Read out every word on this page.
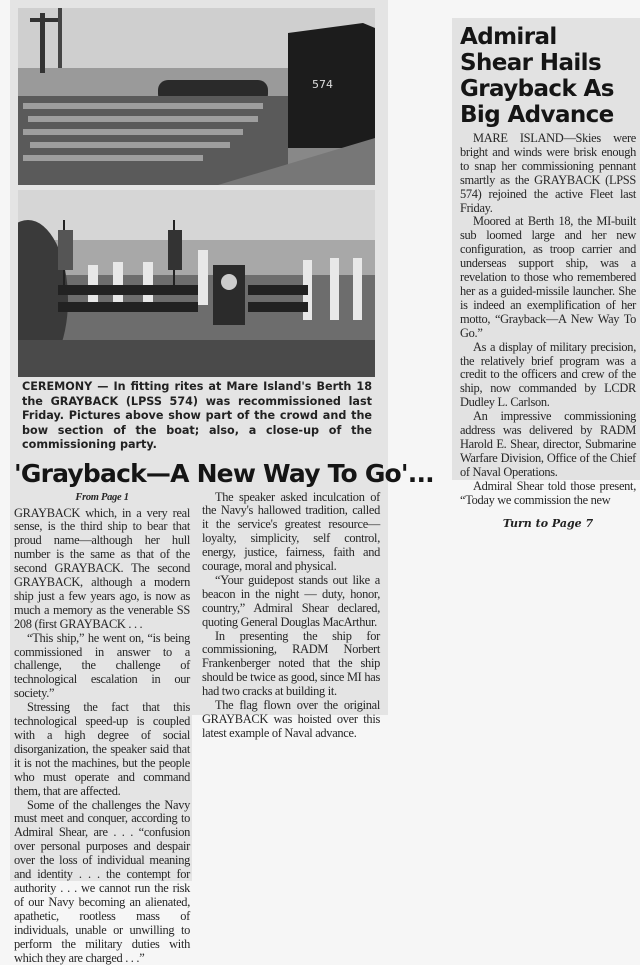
574
CEREMONY — In fitting rites at Mare Island's Berth 18 the GRAYBACK (LPSS 574) was recommissioned last Friday. Pictures above show part of the crowd and the bow section of the boat; also, a close-up of the commissioning party.
'Grayback—A New Way To Go'...
From Page 1

GRAYBACK which, in a very real sense, is the third ship to bear that proud name—although her hull number is the same as that of the second GRAYBACK. The second GRAYBACK, although a modern ship just a few years ago, is now as much a memory as the venerable SS 208 (first GRAYBACK . . .

“This ship,” he went on, “is being commissioned in answer to a challenge, the challenge of technological escalation in our society.”

Stressing the fact that this technological speed-up is coupled with a high degree of social disorganization, the speaker said that it is not the machines, but the people who must operate and command them, that are affected.

Some of the challenges the Navy must meet and conquer, according to Admiral Shear, are . . . “confusion over personal purposes and despair over the loss of individual meaning and identity . . . the contempt for authority . . . we cannot run the risk of our Navy becoming an alienated, apathetic, rootless mass of individuals, unable or unwilling to perform the military duties with which they are charged . . .”

The speaker asked inculcation of the Navy's hallowed tradition, called it the service's greatest resource—loyalty, simplicity, self control, energy, justice, fairness, faith and courage, moral and physical.

“Your guidepost stands out like a beacon in the night — duty, honor, country,” Admiral Shear declared, quoting General Douglas MacArthur.

In presenting the ship for commissioning, RADM Norbert Frankenberger noted that the ship should be twice as good, since MI has had two cracks at building it.

The flag flown over the original GRAYBACK was hoisted over this latest example of Naval advance.

Admiral Shear Hails Grayback As Big Advance

MARE ISLAND—Skies were bright and winds were brisk enough to snap her commissioning pennant smartly as the GRAYBACK (LPSS 574) rejoined the active Fleet last Friday.

Moored at Berth 18, the MI-built sub loomed large and her new configuration, as troop carrier and underseas support ship, was a revelation to those who remembered her as a guided-missile launcher. She is indeed an exemplification of her motto, “Grayback—A New Way To Go.”

As a display of military precision, the relatively brief program was a credit to the officers and crew of the ship, now commanded by LCDR Dudley L. Carlson.

An impressive commissioning address was delivered by RADM Harold E. Shear, director, Submarine Warfare Division, Office of the Chief of Naval Operations.

Admiral Shear told those present, “Today we commission the new

Turn to Page 7
